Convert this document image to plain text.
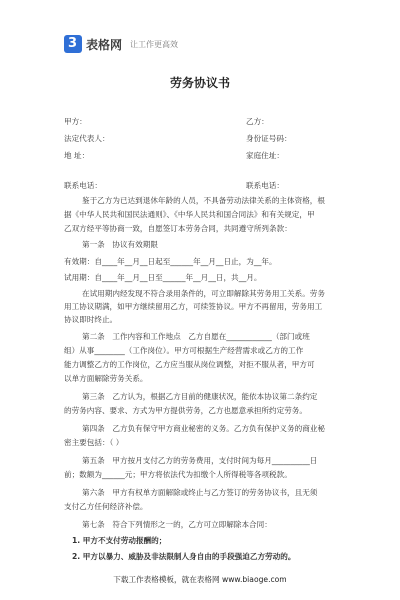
3 表格网 让工作更高效
劳务协议书
甲方：	乙方：
法定代表人：	身份证号码：
地 址：	家庭住址：
联系电话：	联系电话：
鉴于乙方为已达到退休年龄的人员，不具备劳动法律关系的主体资格，根
据《中华人民共和国民法通则》、《中华人民共和国合同法》和有关规定，甲
乙双方经平等协商一致，自愿签订本劳务合同，共同遵守所列条款：
第一条　协议有效期限
有效期：自____年__月__日起至______年__月__日止，为__年。
试用期：自____年__月__日至______年__月__日，共__月。
在试用期内经发现不符合录用条件的，可立即解除其劳务用工关系。劳务
用工协议期满，如甲方继续留用乙方，可续签协议。甲方不再留用，劳务用工
协议即时终止。
第二条　工作内容和工作地点　乙方自愿在____________（部门或班
组）从事________（工作岗位）。甲方可根据生产经营需求或乙方的工作
能力调整乙方的工作岗位，乙方应当服从岗位调整，对拒不服从者，甲方可
以单方面解除劳务关系。
第三条　乙方认为，根据乙方目前的健康状况，能依本协议第二条约定
的劳务内容、要求、方式为甲方提供劳务，乙方也愿意承担所约定劳务。
第四条　乙方负有保守甲方商业秘密的义务。乙方负有保护义务的商业秘
密主要包括：（ ）
第五条　甲方按月支付乙方的劳务费用，支付时间为每月__________日
前；数额为______元；甲方将依法代为扣缴个人所得税等各项税款。
第六条　甲方有权单方面解除或终止与乙方签订的劳务协议书，且无须
支付乙方任何经济补偿。
第七条　符合下列情形之一的，乙方可立即解除本合同：
1. 甲方不支付劳动报酬的；
下载工作表格模板，就在表格网 www.biaoge.com
2. 甲方以暴力、威胁及非法限制人身自由的手段强迫乙方劳动的。
